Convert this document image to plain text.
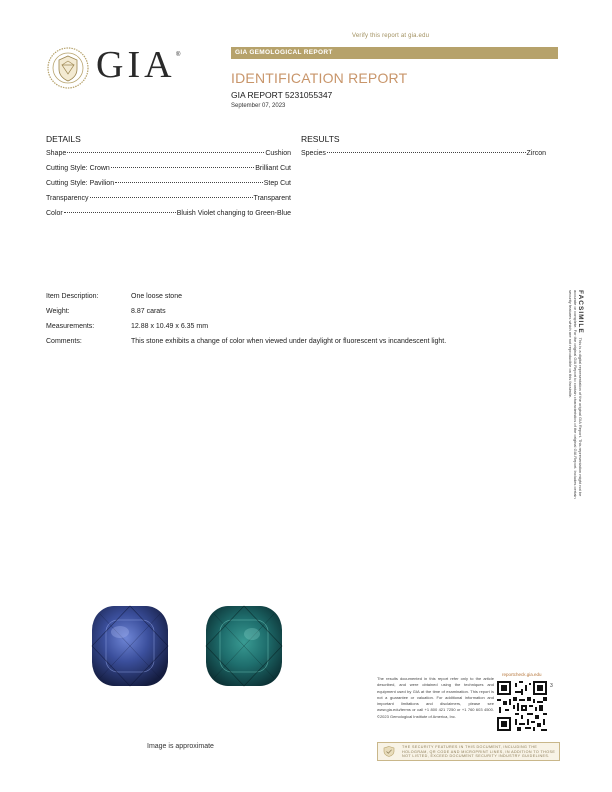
Verify this report at gia.edu
GIA ®	GIA GEMOLOGICAL REPORT
IDENTIFICATION REPORT
GIA REPORT 5231055347
September 07, 2023
DETAILS
Shape	Cushion
Cutting Style: Crown	Brilliant Cut
Cutting Style: Pavilion	Step Cut
Transparency	Transparent
Color	Bluish Violet changing to Green-Blue
RESULTS
Species	Zircon
Item Description:	One loose stone
Weight:	8.87 carats
Measurements:	12.88 x 10.49 x 6.35 mm
Comments:	This stone exhibits a change of color when viewed under daylight or fluorescent vs incandescent light.
FACSIMILEThis is a digital representation of the original GIA Report. This representation might not be accurate or complete. For the original GIA Report to contain characteristics of the original GIA Report. Includes certain security features which are not reproducible on this facsimile.
Image is approximate
The results documented in this report refer only to the article described, and were obtained using the techniques and equipment used by GIA at the time of examination. This report is not a guarantee or valuation. For additional information and important limitations and disclaimers, please see www.gia.edu/terms or call +1 800 421 7250 or +1 760 603 4500. ©2023 Gemological Institute of America, Inc.
reportcheck.gia.edu
3
THE SECURITY FEATURES IN THIS DOCUMENT, INCLUDING THE HOLOGRAM, QR CODE AND MICROPRINT LINES, IN ADDITION TO THOSE NOT LISTED, EXCEED DOCUMENT SECURITY INDUSTRY GUIDELINES.
